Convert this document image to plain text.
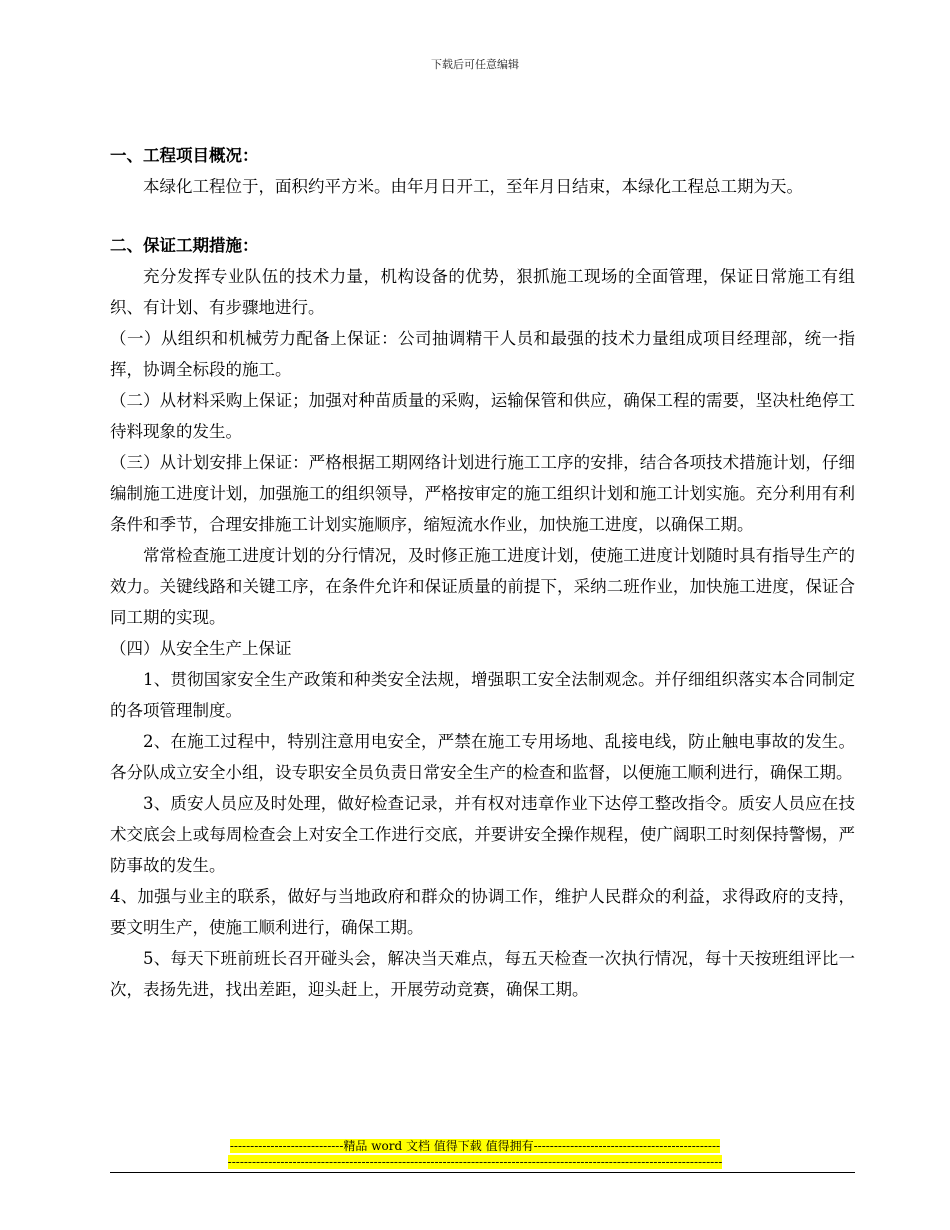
下载后可任意编辑

一、工程项目概况：

本绿化工程位于，面积约平方米。由年月日开工，至年月日结束，本绿化工程总工期为天。

二、保证工期措施：

充分发挥专业队伍的技术力量，机构设备的优势，狠抓施工现场的全面管理，保证日常施工有组织、有计划、有步骤地进行。

（一）从组织和机械劳力配备上保证：公司抽调精干人员和最强的技术力量组成项目经理部，统一指挥，协调全标段的施工。

（二）从材料采购上保证；加强对种苗质量的采购，运输保管和供应，确保工程的需要，坚决杜绝停工待料现象的发生。

（三）从计划安排上保证：严格根据工期网络计划进行施工工序的安排，结合各项技术措施计划，仔细编制施工进度计划，加强施工的组织领导，严格按审定的施工组织计划和施工计划实施。充分利用有利条件和季节，合理安排施工计划实施顺序，缩短流水作业，加快施工进度，以确保工期。

常常检查施工进度计划的分行情况，及时修正施工进度计划，使施工进度计划随时具有指导生产的效力。关键线路和关键工序，在条件允许和保证质量的前提下，采纳二班作业，加快施工进度，保证合同工期的实现。

（四）从安全生产上保证

1、贯彻国家安全生产政策和种类安全法规，增强职工安全法制观念。并仔细组织落实本合同制定的各项管理制度。

2、在施工过程中，特别注意用电安全，严禁在施工专用场地、乱接电线，防止触电事故的发生。各分队成立安全小组，设专职安全员负责日常安全生产的检查和监督，以便施工顺利进行，确保工期。

3、质安人员应及时处理，做好检查记录，并有权对违章作业下达停工整改指令。质安人员应在技术交底会上或每周检查会上对安全工作进行交底，并要讲安全操作规程，使广阔职工时刻保持警惕，严防事故的发生。

4、加强与业主的联系，做好与当地政府和群众的协调工作，维护人民群众的利益，求得政府的支持，要文明生产，使施工顺利进行，确保工期。

5、每天下班前班长召开碰头会，解决当天难点，每五天检查一次执行情况，每十天按班组评比一次，表扬先进，找出差距，迎头赶上，开展劳动竞赛，确保工期。

----------------------------精品 word 文档 值得下载 值得拥有----------------------------------------------
--------------------------------------------------------------------------------------------------------------------------
